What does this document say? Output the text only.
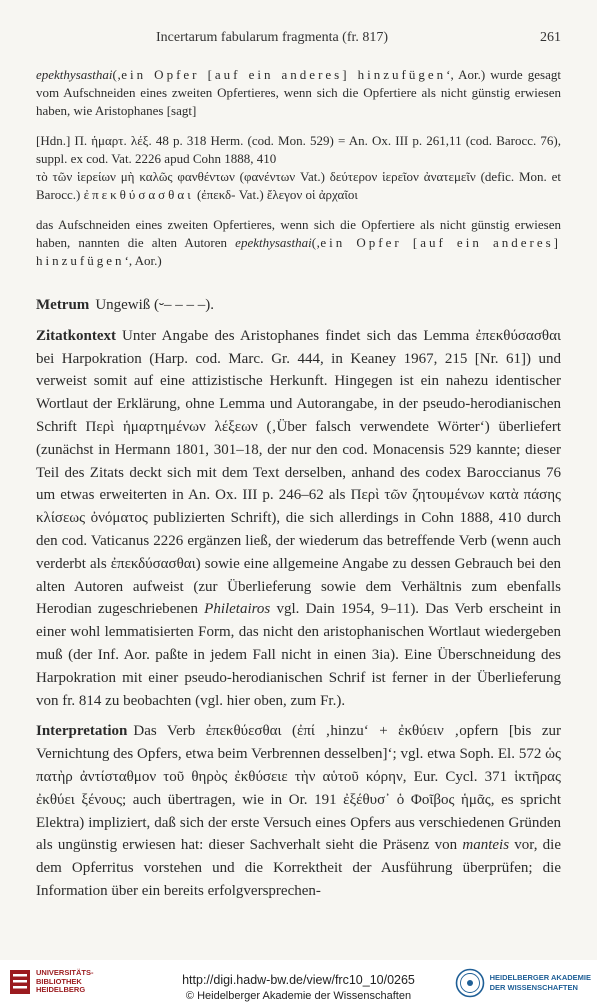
Incertarum fabularum fragmenta (fr. 817)	261

epekthysasthai(‚ein Opfer [auf ein anderes] hinzufügen‘, Aor.) wurde gesagt vom Aufschneiden eines zweiten Opfertieres, wenn sich die Opfertiere als nicht günstig erwiesen haben, wie Aristophanes [sagt]

[Hdn.] Π. ἡμαρτ. λέξ. 48 p. 318 Herm. (cod. Mon. 529) = An. Ox. III p. 261,11 (cod. Barocc. 76), suppl. ex cod. Vat. 2226 apud Cohn 1888, 410

τὸ τῶν ἱερείων μὴ καλῶς φανθέντων (φανέντων Vat.) δεύτερον ἱερεῖον ἀνατεμεῖν (defic. Mon. et Barocc.) ἐπεκθύσασθαι (ἐπεκδ- Vat.) ἔλεγον οἱ ἀρχαῖοι

das Aufschneiden eines zweiten Opfertieres, wenn sich die Opfertiere als nicht günstig erwiesen haben, nannten die alten Autoren epekthysasthai(‚ein Opfer [auf ein anderes] hinzufügen‘, Aor.)

Metrum Ungewiß (⏑– – – –).

Zitatkontext Unter Angabe des Aristophanes findet sich das Lemma ἐπεκθύσασθαι bei Harpokration (Harp. cod. Marc. Gr. 444, in Keaney 1967, 215 [Nr. 61]) und verweist somit auf eine attizistische Herkunft. Hingegen ist ein nahezu identischer Wortlaut der Erklärung, ohne Lemma und Autorangabe, in der pseudo-herodianischen Schrift Περὶ ἡμαρτημένων λέξεων (‚Über falsch verwendete Wörter‘) überliefert (zunächst in Hermann 1801, 301–18, der nur den cod. Monacensis 529 kannte; dieser Teil des Zitats deckt sich mit dem Text derselben, anhand des codex Baroccianus 76 um etwas erweiterten in An. Ox. III p. 246–62 als Περὶ τῶν ζητουμένων κατὰ πάσης κλίσεως ὀνόματος publizierten Schrift), die sich allerdings in Cohn 1888, 410 durch den cod. Vaticanus 2226 ergänzen ließ, der wiederum das betreffende Verb (wenn auch verderbt als ἐπεκδύσασθαι) sowie eine allgemeine Angabe zu dessen Gebrauch bei den alten Autoren aufweist (zur Überlieferung sowie dem Verhältnis zum ebenfalls Herodian zugeschriebenen Philetairos vgl. Dain 1954, 9–11). Das Verb erscheint in einer wohl lemmatisierten Form, das nicht den aristophanischen Wortlaut wiedergeben muß (der Inf. Aor. paßte in jedem Fall nicht in einen 3ia). Eine Überschneidung des Harpokration mit einer pseudo-herodianischen Schrif ist ferner in der Überlieferung von fr. 814 zu beobachten (vgl. hier oben, zum Fr.).

Interpretation Das Verb ἐπεκθύεσθαι (ἐπί ‚hinzu‘ + ἐκθύειν ‚opfern [bis zur Vernichtung des Opfers, etwa beim Verbrennen desselben]‘; vgl. etwa Soph. El. 572 ὡς πατὴρ ἀντίσταθμον τοῦ θηρὸς ἐκθύσειε τὴν αὑτοῦ κόρην, Eur. Cycl. 371 ἱκτῆρας ἐκθύει ξένους; auch übertragen, wie in Or. 191 ἐξέθυσ᾽ ὁ Φοῖβος ἡμᾶς, es spricht Elektra) impliziert, daß sich der erste Versuch eines Opfers aus verschiedenen Gründen als ungünstig erwiesen hat: dieser Sachverhalt sieht die Präsenz von manteis vor, die dem Opferritus vorstehen und die Korrektheit der Ausführung überprüfen; die Information über ein bereits erfolgversprechen-

UNIVERSITÄTS-
BIBLIOTHEK
HEIDELBERG
http://digi.hadw-bw.de/view/frc10_10/0265
© Heidelberger Akademie der Wissenschaften
HEIDELBERGER AKADEMIE
DER WISSENSCHAFTEN
